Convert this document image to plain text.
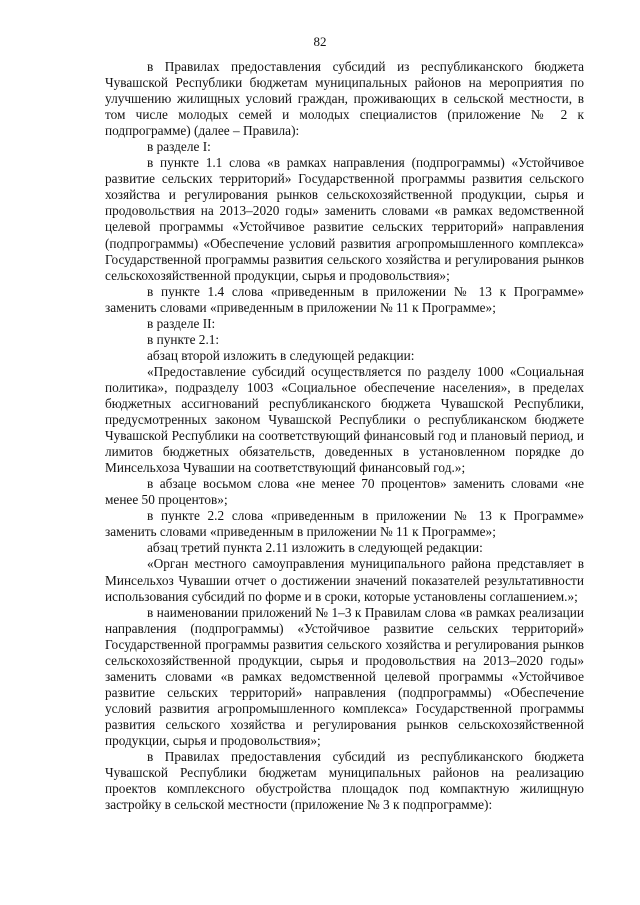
82

в Правилах предоставления субсидий из республиканского бюджета Чувашской Республики бюджетам муниципальных районов на мероприятия по улучшению жилищных условий граждан, проживающих в сельской местности, в том числе молодых семей и молодых специалистов (приложение № 2 к подпрограмме) (далее – Правила):

в разделе I:

в пункте 1.1 слова «в рамках направления (подпрограммы) «Устойчивое развитие сельских территорий» Государственной программы развития сельского хозяйства и регулирования рынков сельскохозяйственной продукции, сырья и продовольствия на 2013–2020 годы» заменить словами «в рамках ведомственной целевой программы «Устойчивое развитие сельских территорий» направления (подпрограммы) «Обеспечение условий развития агропромышленного комплекса» Государственной программы развития сельского хозяйства и регулирования рынков сельскохозяйственной продукции, сырья и продовольствия»;

в пункте 1.4 слова «приведенным в приложении № 13 к Программе» заменить словами «приведенным в приложении № 11 к Программе»;

в разделе II:

в пункте 2.1:

абзац второй изложить в следующей редакции:

«Предоставление субсидий осуществляется по разделу 1000 «Социальная политика», подразделу 1003 «Социальное обеспечение населения», в пределах бюджетных ассигнований республиканского бюджета Чувашской Республики, предусмотренных законом Чувашской Республики о республиканском бюджете Чувашской Республики на соответствующий финансовый год и плановый период, и лимитов бюджетных обязательств, доведенных в установленном порядке до Минсельхоза Чувашии на соответствующий финансовый год.»;

в абзаце восьмом слова «не менее 70 процентов» заменить словами «не менее 50 процентов»;

в пункте 2.2 слова «приведенным в приложении № 13 к Программе» заменить словами «приведенным в приложении № 11 к Программе»;

абзац третий пункта 2.11 изложить в следующей редакции:

«Орган местного самоуправления муниципального района представляет в Минсельхоз Чувашии отчет о достижении значений показателей результативности использования субсидий по форме и в сроки, которые установлены соглашением.»;

в наименовании приложений № 1–3 к Правилам слова «в рамках реализации направления (подпрограммы) «Устойчивое развитие сельских территорий» Государственной программы развития сельского хозяйства и регулирования рынков сельскохозяйственной продукции, сырья и продовольствия на 2013–2020 годы» заменить словами «в рамках ведомственной целевой программы «Устойчивое развитие сельских территорий» направления (подпрограммы) «Обеспечение условий развития агропромышленного комплекса» Государственной программы развития сельского хозяйства и регулирования рынков сельскохозяйственной продукции, сырья и продовольствия»;

в Правилах предоставления субсидий из республиканского бюджета Чувашской Республики бюджетам муниципальных районов на реализацию проектов комплексного обустройства площадок под компактную жилищную застройку в сельской местности (приложение № 3 к подпрограмме):
